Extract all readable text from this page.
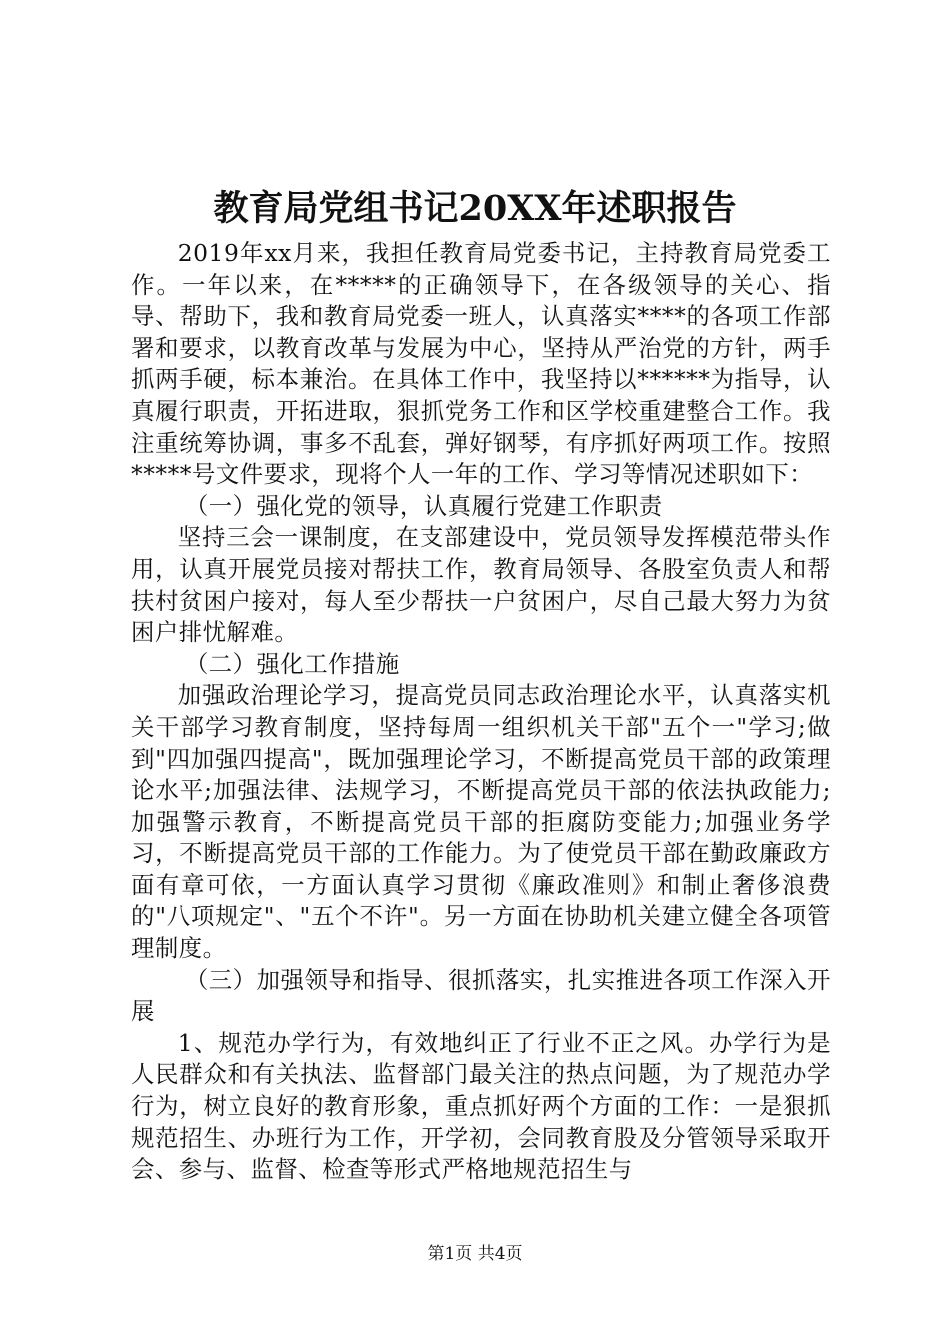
教育局党组书记20XX年述职报告

2019年xx月来，我担任教育局党委书记，主持教育局党委工作。一年以来，在*****的正确领导下，在各级领导的关心、指导、帮助下，我和教育局党委一班人，认真落实****的各项工作部署和要求，以教育改革与发展为中心，坚持从严治党的方针，两手抓两手硬，标本兼治。在具体工作中，我坚持以******为指导，认真履行职责，开拓进取，狠抓党务工作和区学校重建整合工作。我注重统筹协调，事多不乱套，弹好钢琴，有序抓好两项工作。按照*****号文件要求，现将个人一年的工作、学习等情况述职如下：

（一）强化党的领导，认真履行党建工作职责

坚持三会一课制度，在支部建设中，党员领导发挥模范带头作用，认真开展党员接对帮扶工作，教育局领导、各股室负责人和帮扶村贫困户接对，每人至少帮扶一户贫困户，尽自己最大努力为贫困户排忧解难。

（二）强化工作措施

加强政治理论学习，提高党员同志政治理论水平，认真落实机关干部学习教育制度，坚持每周一组织机关干部"五个一"学习;做到"四加强四提高"，既加强理论学习，不断提高党员干部的政策理论水平;加强法律、法规学习，不断提高党员干部的依法执政能力;加强警示教育，不断提高党员干部的拒腐防变能力;加强业务学习，不断提高党员干部的工作能力。为了使党员干部在勤政廉政方面有章可依，一方面认真学习贯彻《廉政准则》和制止奢侈浪费的"八项规定"、"五个不许"。另一方面在协助机关建立健全各项管理制度。

（三）加强领导和指导、很抓落实，扎实推进各项工作深入开展

1、规范办学行为，有效地纠正了行业不正之风。办学行为是人民群众和有关执法、监督部门最关注的热点问题，为了规范办学行为，树立良好的教育形象，重点抓好两个方面的工作：一是狠抓规范招生、办班行为工作，开学初，会同教育股及分管领导采取开会、参与、监督、检查等形式严格地规范招生与

第1页 共4页
